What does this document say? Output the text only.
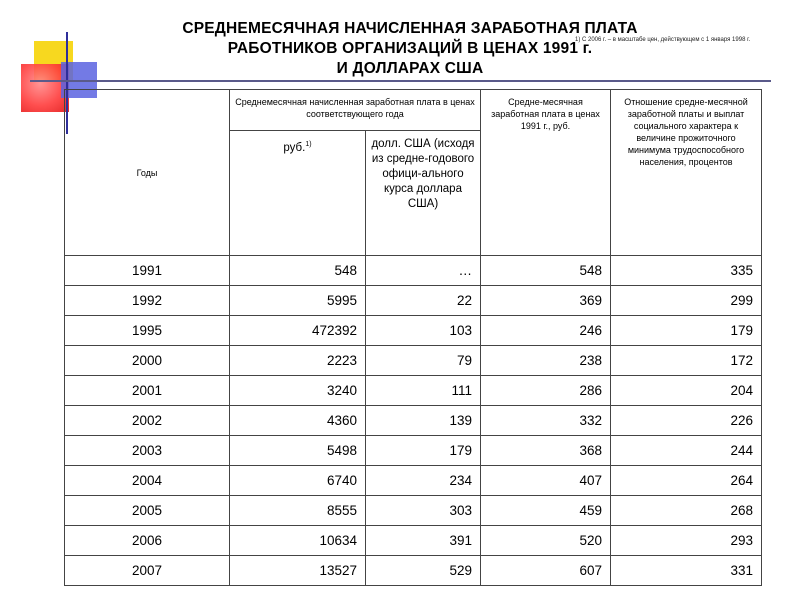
СРЕДНЕМЕСЯЧНАЯ НАЧИСЛЕННАЯ ЗАРАБОТНАЯ ПЛАТА
РАБОТНИКОВ ОРГАНИЗАЦИЙ В ЦЕНАХ 1991 г.
И ДОЛЛАРАХ США
1) С 2006 г. – в масштабе цен, действующем с 1 января 1998 г.
Годы	Среднемесячная начисленная заработная плата в ценах соответствующего года		Средне-месячная заработная плата в ценах 1991 г., руб.	Отношение средне-месячной заработной платы и выплат социального характера к величине прожиточного минимума трудоспособного населения, процентов
	руб.$^{1)}$	долл. США (исходя из средне-годового офици-ального курса доллара США)		
1991	548	…	548	335
1992	5995	22	369	299
1995	472392	103	246	179
2000	2223	79	238	172
2001	3240	111	286	204
2002	4360	139	332	226
2003	5498	179	368	244
2004	6740	234	407	264
2005	8555	303	459	268
2006	10634	391	520	293
2007	13527	529	607	331
